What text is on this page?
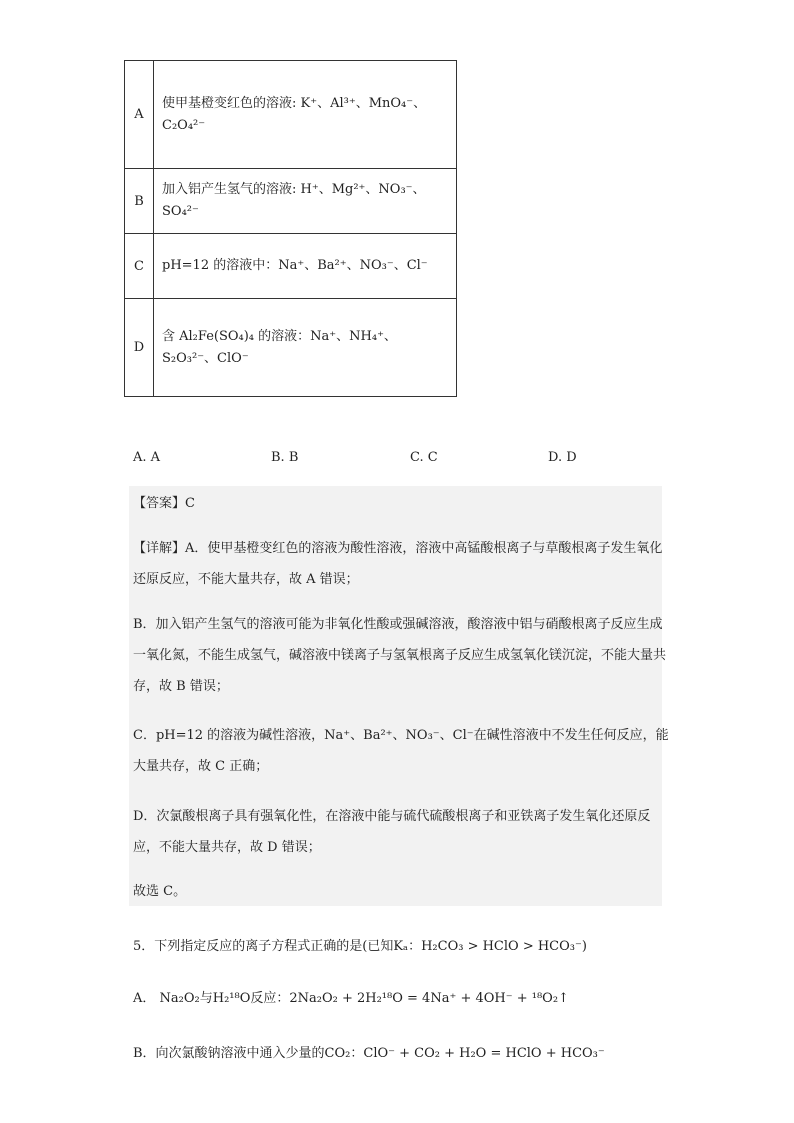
A	使甲基橙变红色的溶液: K⁺、Al³⁺、MnO₄⁻、C₂O₄²⁻
B	加入铝产生氢气的溶液: H⁺、Mg²⁺、NO₃⁻、SO₄²⁻
C	pH=12 的溶液中：Na⁺、Ba²⁺、NO₃⁻、Cl⁻
D	含 Al₂Fe(SO₄)₄ 的溶液：Na⁺、NH₄⁺、S₂O₃²⁻、ClO⁻
A. A	B. B	C. C	D. D
【答案】C
【详解】A．使甲基橙变红色的溶液为酸性溶液，溶液中高锰酸根离子与草酸根离子发生氧化还原反应，不能大量共存，故 A 错误；
B．加入铝产生氢气的溶液可能为非氧化性酸或强碱溶液，酸溶液中铝与硝酸根离子反应生成一氧化氮，不能生成氢气，碱溶液中镁离子与氢氧根离子反应生成氢氧化镁沉淀，不能大量共存，故 B 错误；
C．pH=12 的溶液为碱性溶液，Na⁺、Ba²⁺、NO₃⁻、Cl⁻在碱性溶液中不发生任何反应，能大量共存，故 C 正确；
D．次氯酸根离子具有强氧化性，在溶液中能与硫代硫酸根离子和亚铁离子发生氧化还原反应，不能大量共存，故 D 错误；
故选 C。
5．下列指定反应的离子方程式正确的是(已知Kₐ：H₂CO₃ > HClO > HCO₃⁻)
A． Na₂O₂与H₂¹⁸O反应：2Na₂O₂ + 2H₂¹⁸O = 4Na⁺ + 4OH⁻ + ¹⁸O₂↑
B．向次氯酸钠溶液中通入少量的CO₂：ClO⁻ + CO₂ + H₂O = HClO + HCO₃⁻
